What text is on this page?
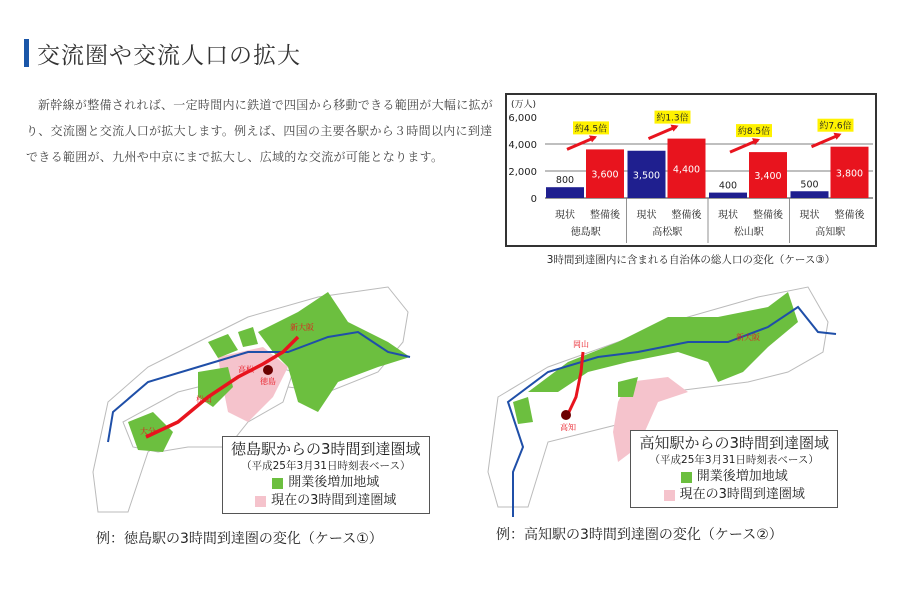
交流圏や交流人口の拡大

新幹線が整備されれば、一定時間内に鉄道で四国から移動できる範囲が大幅に拡がり、交流圏と交流人口が拡大します。例えば、四国の主要各駅から３時間以内に到達できる範囲が、九州や中京にまで拡大し、広域的な交流が可能となります。

(万人)
6,000
4,000
2,000
0
800
現状
3,600
整備後
徳島駅
約4.5倍
3,500
現状
4,400
整備後
高松駅
約1.3倍
400
現状
3,400
整備後
松山駅
約8.5倍
500
現状
3,800
整備後
高知駅
約7.6倍
3時間到達圏内に含まれる自治体の総人口の変化（ケース③）
新大阪
高松
徳島
松山
大分
徳島駅からの3時間到達圏域
（平成25年3月31日時刻表ベース）
開業後増加地域
現在の3時間到達圏域
例：徳島駅の3時間到達圏の変化（ケース①）
岡山
新大阪
高知
高知駅からの3時間到達圏域
（平成25年3月31日時刻表ベース）
開業後増加地域
現在の3時間到達圏域
例：高知駅の3時間到達圏の変化（ケース②）
